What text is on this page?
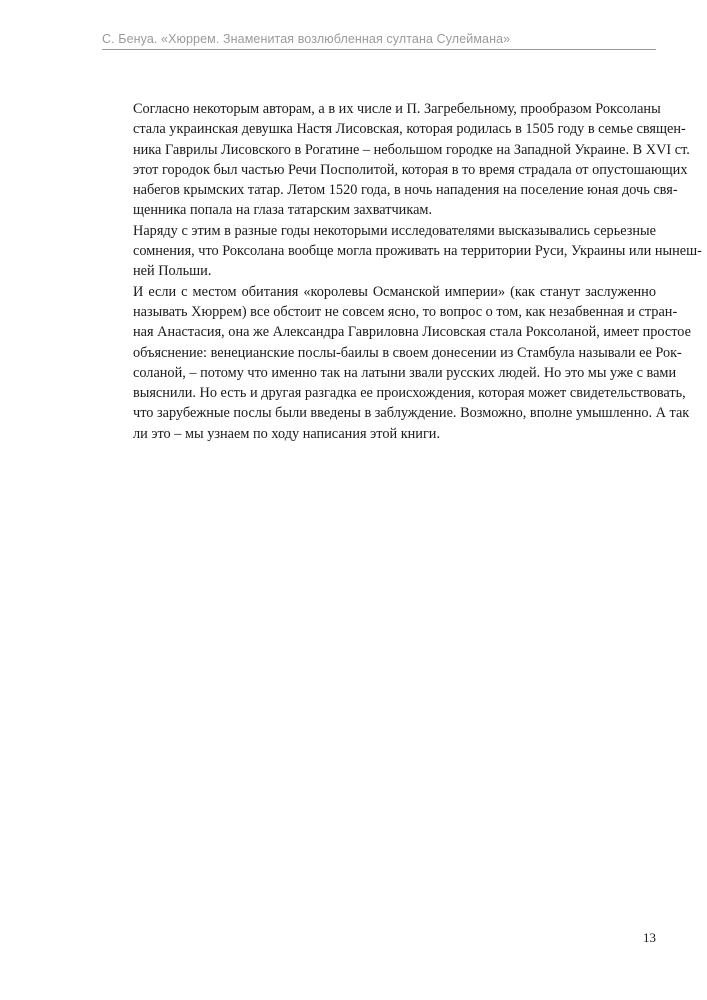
С. Бенуа. «Хюррем. Знаменитая возлюбленная султана Сулеймана»

Согласно некоторым авторам, а в их числе и П. Загребельному, прообразом Роксоланы
стала украинская девушка Настя Лисовская, которая родилась в 1505 году в семье священ-
ника Гаврилы Лисовского в Рогатине – небольшом городке на Западной Украине. В XVI ст.
этот городок был частью Речи Посполитой, которая в то время страдала от опустошающих
набегов крымских татар. Летом 1520 года, в ночь нападения на поселение юная дочь свя-
щенника попала на глаза татарским захватчикам.

Наряду с этим в разные годы некоторыми исследователями высказывались серьезные
сомнения, что Роксолана вообще могла проживать на территории Руси, Украины или нынеш-
ней Польши.

И если с местом обитания «королевы Османской империи» (как станут заслуженно
называть Хюррем) все обстоит не совсем ясно, то вопрос о том, как незабвенная и стран-
ная Анастасия, она же Александра Гавриловна Лисовская стала Роксоланой, имеет простое
объяснение: венецианские послы-баилы в своем донесении из Стамбула называли ее Рок-
соланой, – потому что именно так на латыни звали русских людей. Но это мы уже с вами
выяснили. Но есть и другая разгадка ее происхождения, которая может свидетельствовать,
что зарубежные послы были введены в заблуждение. Возможно, вполне умышленно. А так
ли это – мы узнаем по ходу написания этой книги.

13
